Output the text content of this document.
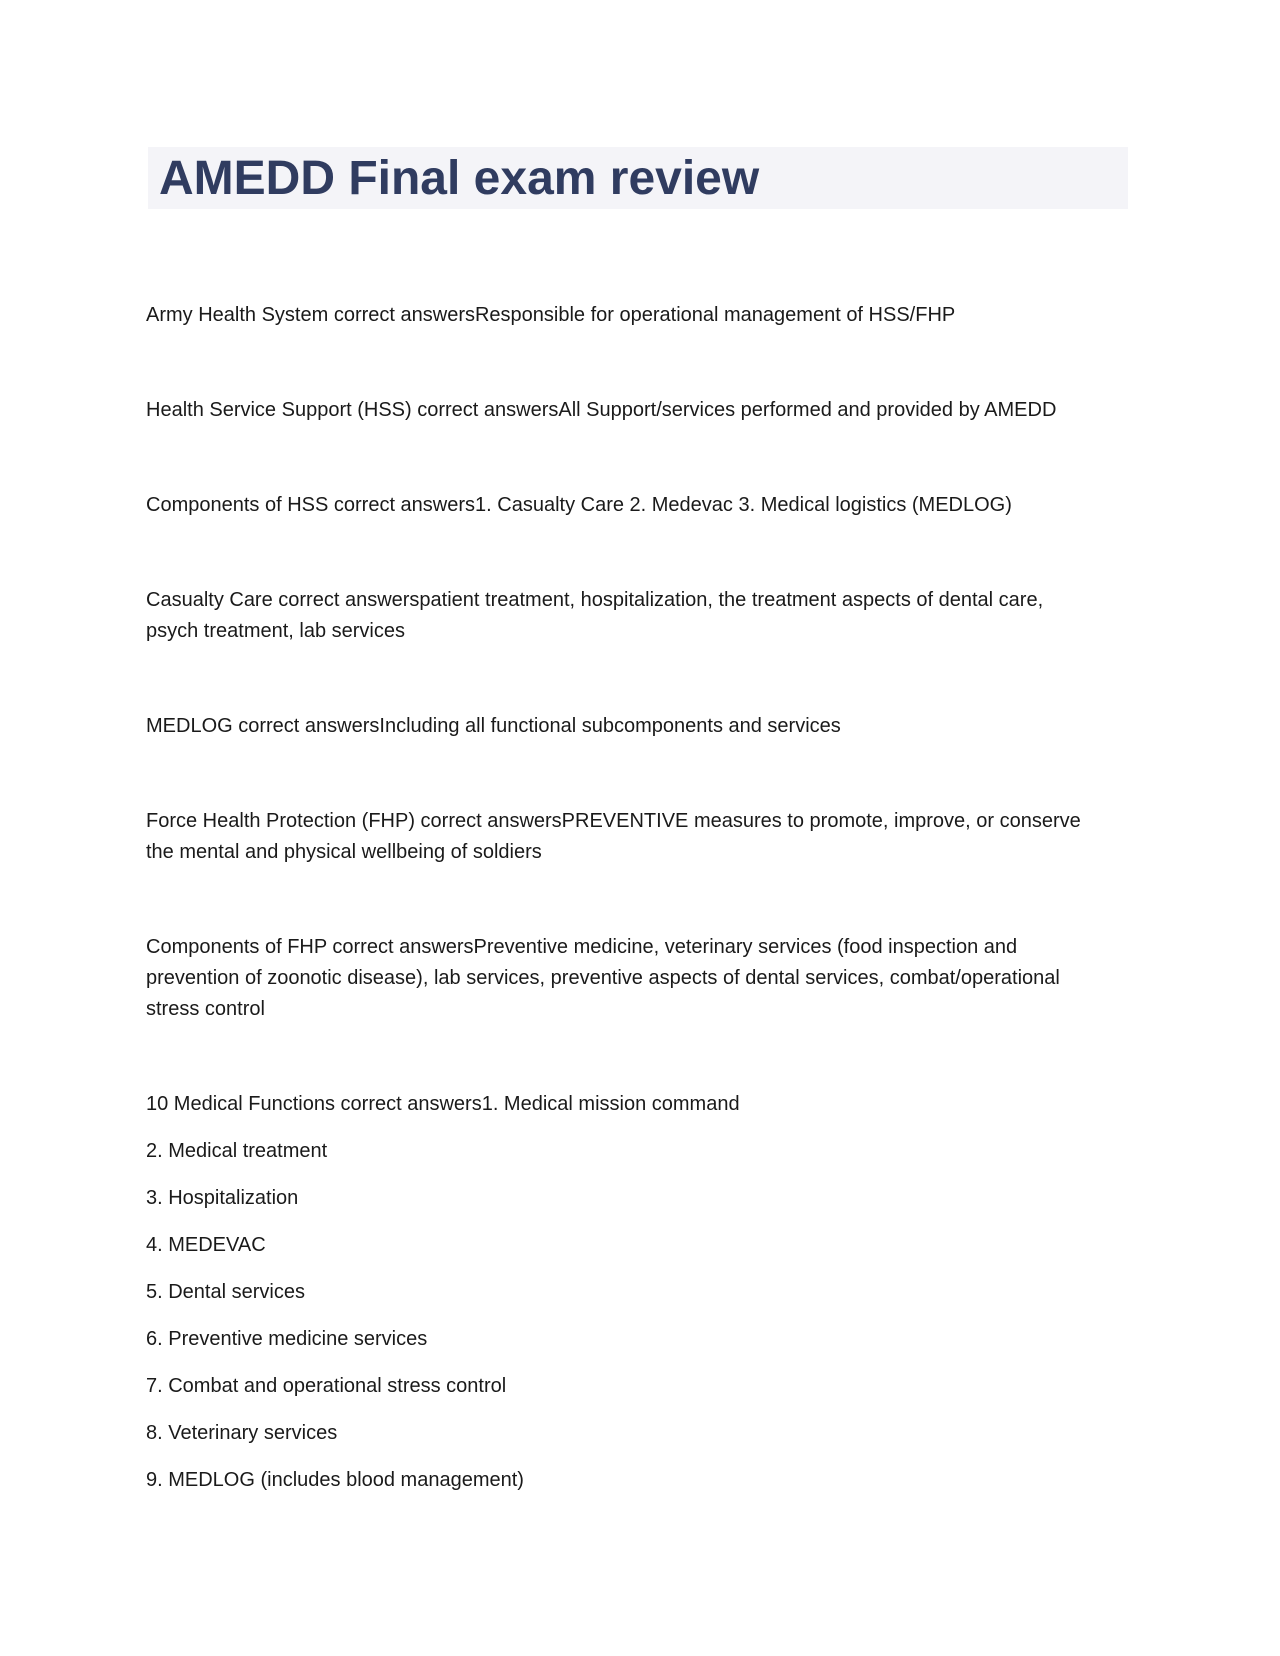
AMEDD Final exam review
Army Health System correct answersResponsible for operational management of HSS/FHP
Health Service Support (HSS) correct answersAll Support/services performed and provided by AMEDD
Components of HSS correct answers1. Casualty Care 2. Medevac 3. Medical logistics (MEDLOG)
Casualty Care correct answerspatient treatment, hospitalization, the treatment aspects of dental care,
psych treatment, lab services
MEDLOG correct answersIncluding all functional subcomponents and services
Force Health Protection (FHP) correct answersPREVENTIVE measures to promote, improve, or conserve
the mental and physical wellbeing of soldiers
Components of FHP correct answersPreventive medicine, veterinary services (food inspection and
prevention of zoonotic disease), lab services, preventive aspects of dental services, combat/operational
stress control
10 Medical Functions correct answers1. Medical mission command
2. Medical treatment
3. Hospitalization
4. MEDEVAC
5. Dental services
6. Preventive medicine services
7. Combat and operational stress control
8. Veterinary services
9. MEDLOG (includes blood management)
